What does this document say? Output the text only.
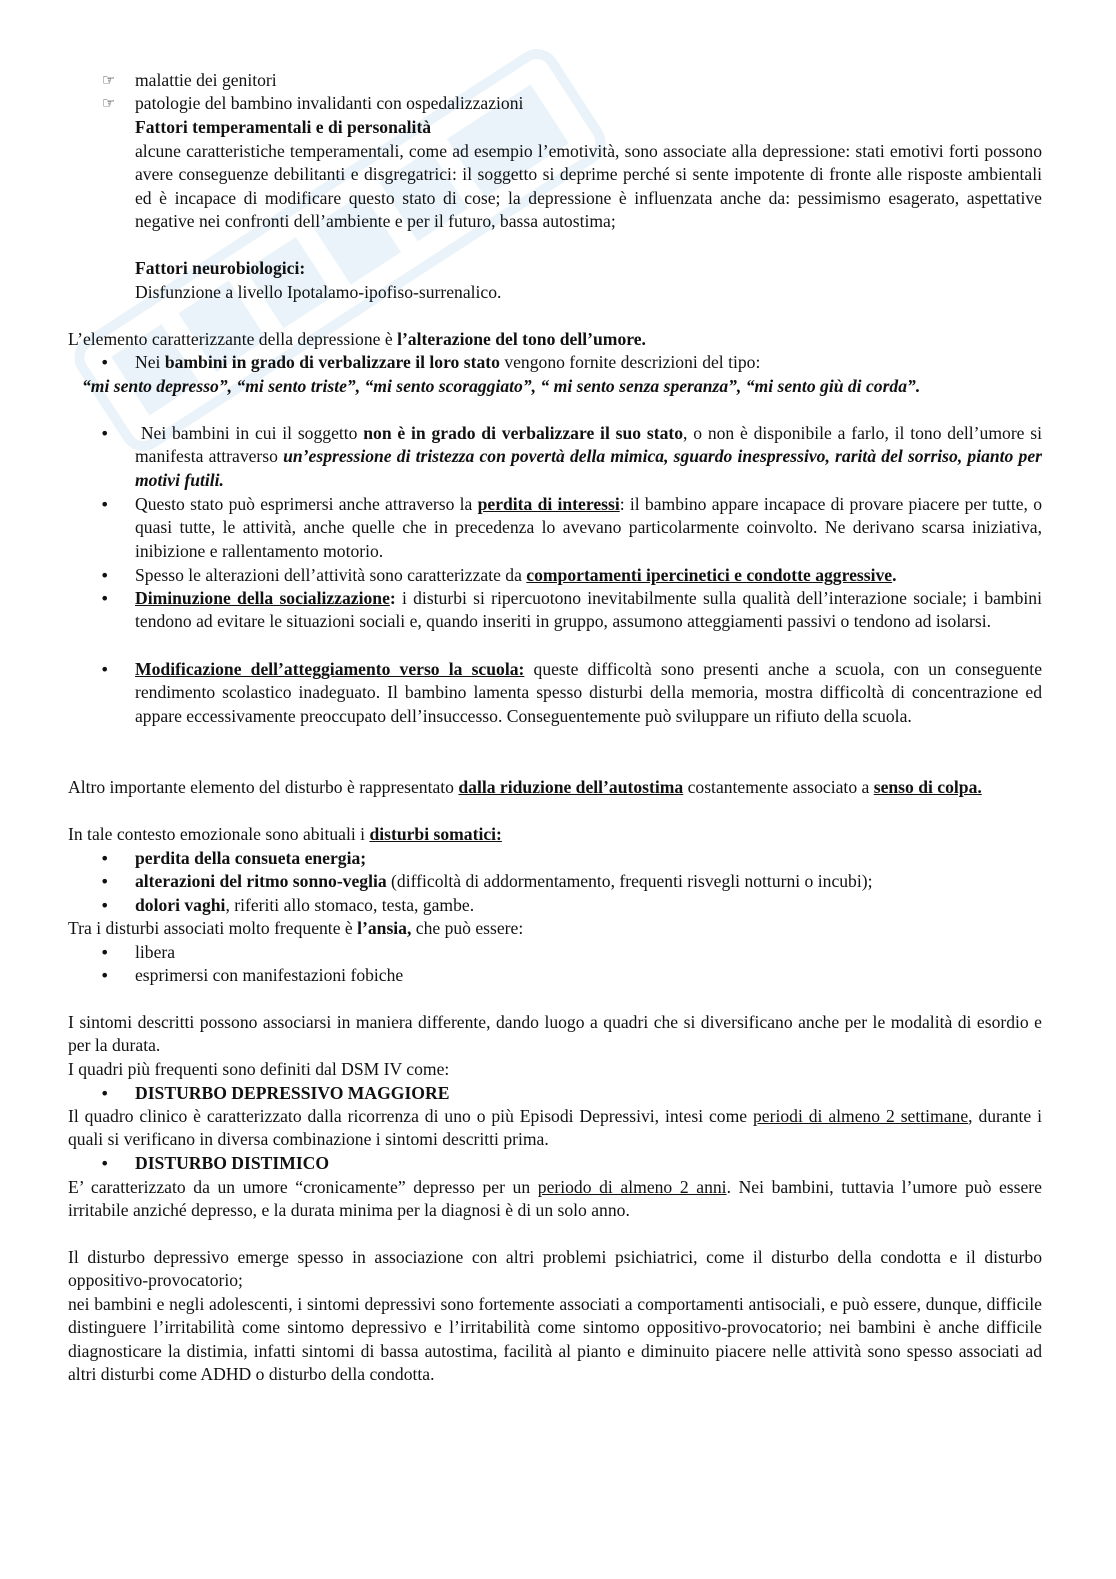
☞	malattie dei genitori
☞	patologie del bambino invalidanti con ospedalizzazioni
Fattori temperamentali e di personalità
alcune caratteristiche temperamentali, come ad esempio l’emotività, sono associate alla depressione: stati emotivi forti possono avere conseguenze debilitanti e disgregatrici: il soggetto si deprime perché si sente impotente di fronte alle risposte ambientali ed è incapace di modificare questo stato di cose; la depressione è influenzata anche da: pessimismo esagerato, aspettative negative nei confronti dell’ambiente e per il futuro, bassa autostima;
Fattori neurobiologici:
Disfunzione a livello Ipotalamo-ipofiso-surrenalico.
L’elemento caratterizzante della depressione è l’alterazione del tono dell’umore.
• Nei bambini in grado di verbalizzare il loro stato vengono fornite descrizioni del tipo:
“mi sento depresso”, “mi sento triste”, “mi sento scoraggiato”, “ mi sento senza speranza”, “mi sento giù di corda”.
•	Nei bambini in cui il soggetto non è in grado di verbalizzare il suo stato, o non è disponibile a farlo, il tono dell’umore si manifesta attraverso un’espressione di tristezza con povertà della mimica, sguardo inespressivo, rarità del sorriso, pianto per motivi futili.
• Questo stato può esprimersi anche attraverso la perdita di interessi: il bambino appare incapace di provare piacere per tutte, o quasi tutte, le attività, anche quelle che in precedenza lo avevano particolarmente coinvolto. Ne derivano scarsa iniziativa, inibizione e rallentamento motorio.
• Spesso le alterazioni dell’attività sono caratterizzate da comportamenti ipercinetici e condotte aggressive.
• Diminuzione della socializzazione: i disturbi si ripercuotono inevitabilmente sulla qualità dell’interazione sociale; i bambini tendono ad evitare le situazioni sociali e, quando inseriti in gruppo, assumono atteggiamenti passivi o tendono ad isolarsi.
• Modificazione dell’atteggiamento verso la scuola: queste difficoltà sono presenti anche a scuola, con un conseguente rendimento scolastico inadeguato. Il bambino lamenta spesso disturbi della memoria, mostra difficoltà di concentrazione ed appare eccessivamente preoccupato dell’insuccesso. Conseguentemente può sviluppare un rifiuto della scuola.
Altro importante elemento del disturbo è rappresentato dalla riduzione dell’autostima costantemente associato a senso di colpa.
In tale contesto emozionale sono abituali i disturbi somatici:
• perdita della consueta energia;
• alterazioni del ritmo sonno-veglia (difficoltà di addormentamento, frequenti risvegli notturni o incubi);
• dolori vaghi, riferiti allo stomaco, testa, gambe.
Tra i disturbi associati molto frequente è l’ansia, che può essere:
• libera
• esprimersi con manifestazioni fobiche
I sintomi descritti possono associarsi in maniera differente, dando luogo a quadri che si diversificano anche per le modalità di esordio e per la durata.
I quadri più frequenti sono definiti dal DSM IV come:
• DISTURBO DEPRESSIVO MAGGIORE
Il quadro clinico è caratterizzato dalla ricorrenza di uno o più Episodi Depressivi, intesi come periodi di almeno 2 settimane, durante i quali si verificano in diversa combinazione i sintomi descritti prima.
• DISTURBO DISTIMICO
E’ caratterizzato da un umore “cronicamente” depresso per un periodo di almeno 2 anni. Nei bambini, tuttavia l’umore può essere irritabile anziché depresso, e la durata minima per la diagnosi è di un solo anno.
Il disturbo depressivo emerge spesso in associazione con altri problemi psichiatrici, come il disturbo della condotta e il disturbo oppositivo-provocatorio;
nei bambini e negli adolescenti, i sintomi depressivi sono fortemente associati a comportamenti antisociali, e può essere, dunque, difficile distinguere l’irritabilità come sintomo depressivo e l’irritabilità come sintomo oppositivo-provocatorio; nei bambini è anche difficile diagnosticare la distimia, infatti sintomi di bassa autostima, facilità al pianto e diminuito piacere nelle attività sono spesso associati ad altri disturbi come ADHD o disturbo della condotta.
